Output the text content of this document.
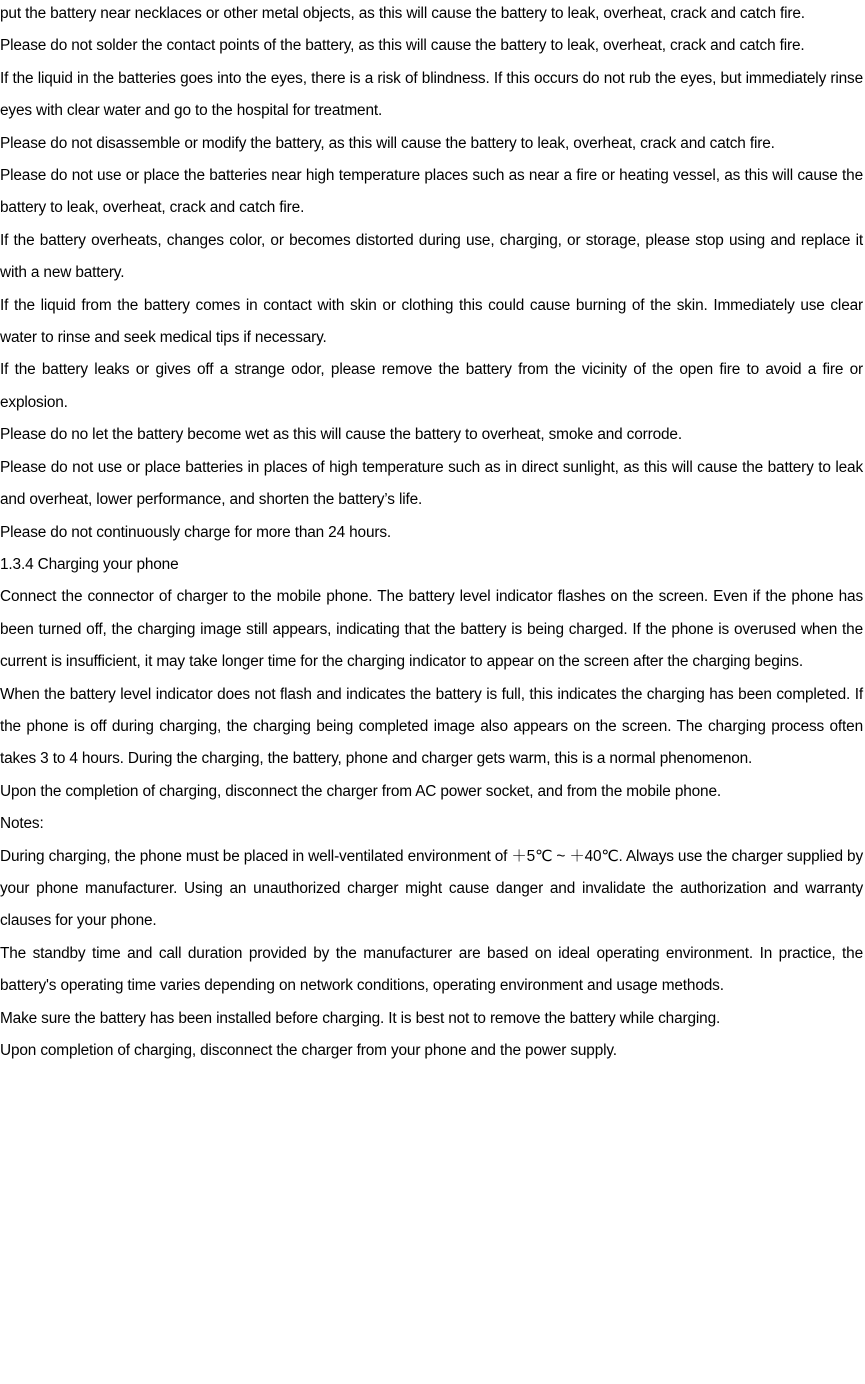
put the battery near necklaces or other metal objects, as this will cause the battery to leak, overheat, crack and catch fire.

Please do not solder the contact points of the battery, as this will cause the battery to leak, overheat, crack and catch fire.

If the liquid in the batteries goes into the eyes, there is a risk of blindness. If this occurs do not rub the eyes, but immediately rinse eyes with clear water and go to the hospital for treatment.

Please do not disassemble or modify the battery, as this will cause the battery to leak, overheat, crack and catch fire.

Please do not use or place the batteries near high temperature places such as near a fire or heating vessel, as this will cause the battery to leak, overheat, crack and catch fire.

If the battery overheats, changes color, or becomes distorted during use, charging, or storage, please stop using and replace it with a new battery.

If the liquid from the battery comes in contact with skin or clothing this could cause burning of the skin. Immediately use clear water to rinse and seek medical tips if necessary.

If the battery leaks or gives off a strange odor, please remove the battery from the vicinity of the open fire to avoid a fire or explosion.

Please do no let the battery become wet as this will cause the battery to overheat, smoke and corrode.

Please do not use or place batteries in places of high temperature such as in direct sunlight, as this will cause the battery to leak and overheat, lower performance, and shorten the battery’s life.

Please do not continuously charge for more than 24 hours.

1.3.4 Charging your phone

Connect the connector of charger to the mobile phone. The battery level indicator flashes on the screen. Even if the phone has been turned off, the charging image still appears, indicating that the battery is being charged. If the phone is overused when the current is insufficient, it may take longer time for the charging indicator to appear on the screen after the charging begins.

When the battery level indicator does not flash and indicates the battery is full, this indicates the charging has been completed. If the phone is off during charging, the charging being completed image also appears on the screen. The charging process often takes 3 to 4 hours. During the charging, the battery, phone and charger gets warm, this is a normal phenomenon.

Upon the completion of charging, disconnect the charger from AC power socket, and from the mobile phone.

Notes:

During charging, the phone must be placed in well-ventilated environment of ＋5℃ ~ ＋40℃. Always use the charger supplied by your phone manufacturer. Using an unauthorized charger might cause danger and invalidate the authorization and warranty clauses for your phone.

The standby time and call duration provided by the manufacturer are based on ideal operating environment. In practice, the battery's operating time varies depending on network conditions, operating environment and usage methods.

Make sure the battery has been installed before charging. It is best not to remove the battery while charging.

Upon completion of charging, disconnect the charger from your phone and the power supply.
